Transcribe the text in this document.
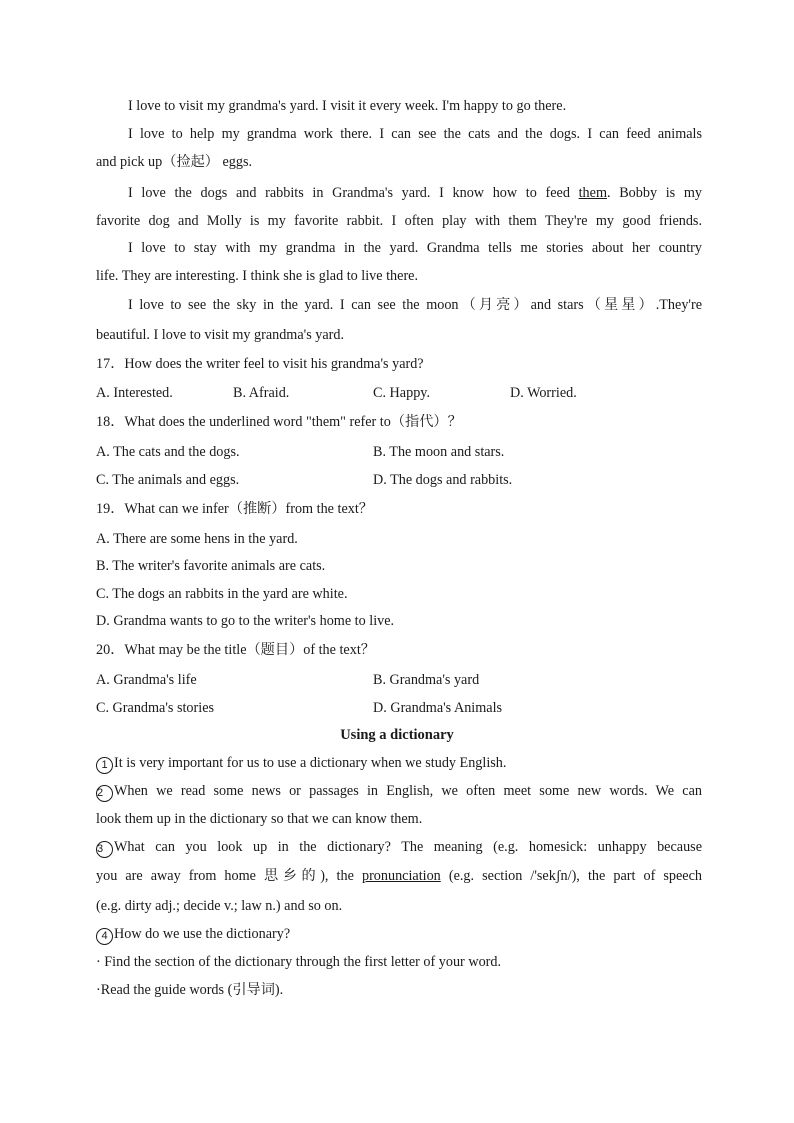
I love to visit my grandma's yard. I visit it every week. I'm happy to go there.
I love to help my grandma work there. I can see the cats and the dogs. I can feed animals
and pick up（捡起） eggs.
I love the dogs and rabbits in Grandma's yard. I know how to feed them. Bobby is my
favorite dog and Molly is my favorite rabbit. I often play with them They're my good friends.
I love to stay with my grandma in the yard. Grandma tells me stories about her country
life. They are interesting. I think she is glad to live there.
I love to see the sky in the yard. I can see the moon（月亮）and stars（星星）.They're
beautiful. I love to visit my grandma's yard.
17．How does the writer feel to visit his grandma's yard?
A. Interested.	B. Afraid.	C. Happy.	D. Worried.
18．What does the underlined word "them" refer to（指代）？
A. The cats and the dogs.	B. The moon and stars.
C. The animals and eggs.	D. The dogs and rabbits.
19．What can we infer（推断）from the text？
A. There are some hens in the yard.
B. The writer's favorite animals are cats.
C. The dogs an rabbits in the yard are white.
D. Grandma wants to go to the writer's home to live.
20．What may be the title（题目）of the text？
A. Grandma's life	B. Grandma's yard
C. Grandma's stories	D. Grandma's Animals
Using a dictionary
1 It is very important for us to use a dictionary when we study English.
2 When we read some news or passages in English, we often meet some new words. We can
look them up in the dictionary so that we can know them.
3 What can you look up in the dictionary? The meaning (e.g. homesick: unhappy because
you are away from home 思乡的), the pronunciation (e.g. section /'sekʃn/), the part of speech
(e.g. dirty adj.; decide v.; law n.) and so on.
4 How do we use the dictionary?
· Find the section of the dictionary through the first letter of your word.
·Read the guide words (引导词).
